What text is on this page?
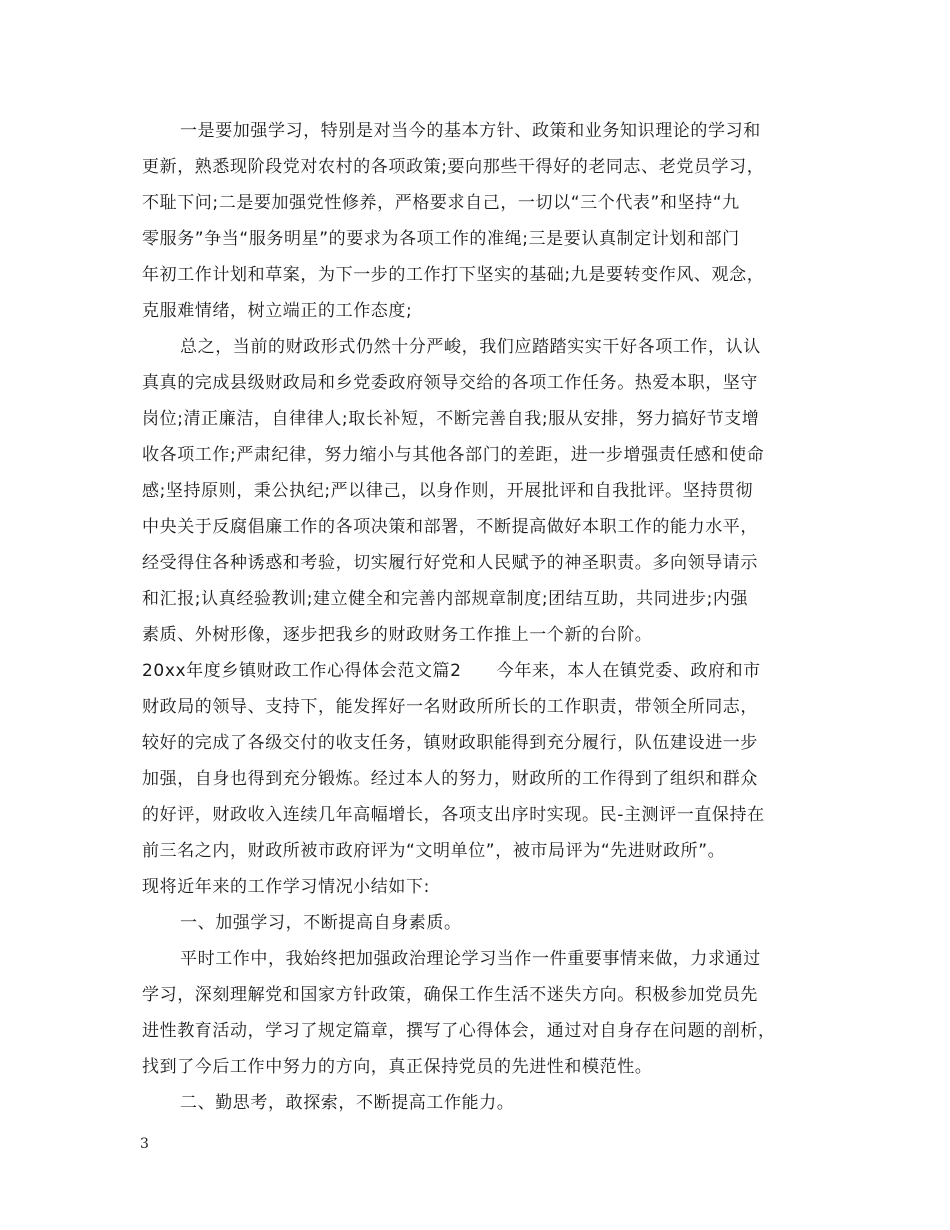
一是要加强学习，特别是对当今的基本方针、政策和业务知识理论的学习和
更新，熟悉现阶段党对农村的各项政策;要向那些干得好的老同志、老党员学习，
不耻下问;二是要加强党性修养，严格要求自己，一切以“三个代表”和坚持“九
零服务”争当“服务明星”的要求为各项工作的准绳;三是要认真制定计划和部门
年初工作计划和草案，为下一步的工作打下坚实的基础;九是要转变作风、观念，
克服难情绪，树立端正的工作态度;
总之，当前的财政形式仍然十分严峻，我们应踏踏实实干好各项工作，认认
真真的完成县级财政局和乡党委政府领导交给的各项工作任务。热爱本职，坚守
岗位;清正廉洁，自律律人;取长补短，不断完善自我;服从安排，努力搞好节支增
收各项工作;严肃纪律，努力缩小与其他各部门的差距，进一步增强责任感和使命
感;坚持原则，秉公执纪;严以律己，以身作则，开展批评和自我批评。坚持贯彻
中央关于反腐倡廉工作的各项决策和部署，不断提高做好本职工作的能力水平，
经受得住各种诱惑和考验，切实履行好党和人民赋予的神圣职责。多向领导请示
和汇报;认真经验教训;建立健全和完善内部规章制度;团结互助，共同进步;内强
素质、外树形像，逐步把我乡的财政财务工作推上一个新的台阶。
20xx年度乡镇财政工作心得体会范文篇2　　今年来，本人在镇党委、政府和市
财政局的领导、支持下，能发挥好一名财政所所长的工作职责，带领全所同志，
较好的完成了各级交付的收支任务，镇财政职能得到充分履行，队伍建设进一步
加强，自身也得到充分锻炼。经过本人的努力，财政所的工作得到了组织和群众
的好评，财政收入连续几年高幅增长，各项支出序时实现。民-主测评一直保持在
前三名之内，财政所被市政府评为“文明单位”，被市局评为“先进财政所”。
现将近年来的工作学习情况小结如下:
一、加强学习，不断提高自身素质。
平时工作中，我始终把加强政治理论学习当作一件重要事情来做，力求通过
学习，深刻理解党和国家方针政策，确保工作生活不迷失方向。积极参加党员先
进性教育活动，学习了规定篇章，撰写了心得体会，通过对自身存在问题的剖析，
找到了今后工作中努力的方向，真正保持党员的先进性和模范性。
二、勤思考，敢探索，不断提高工作能力。
3
